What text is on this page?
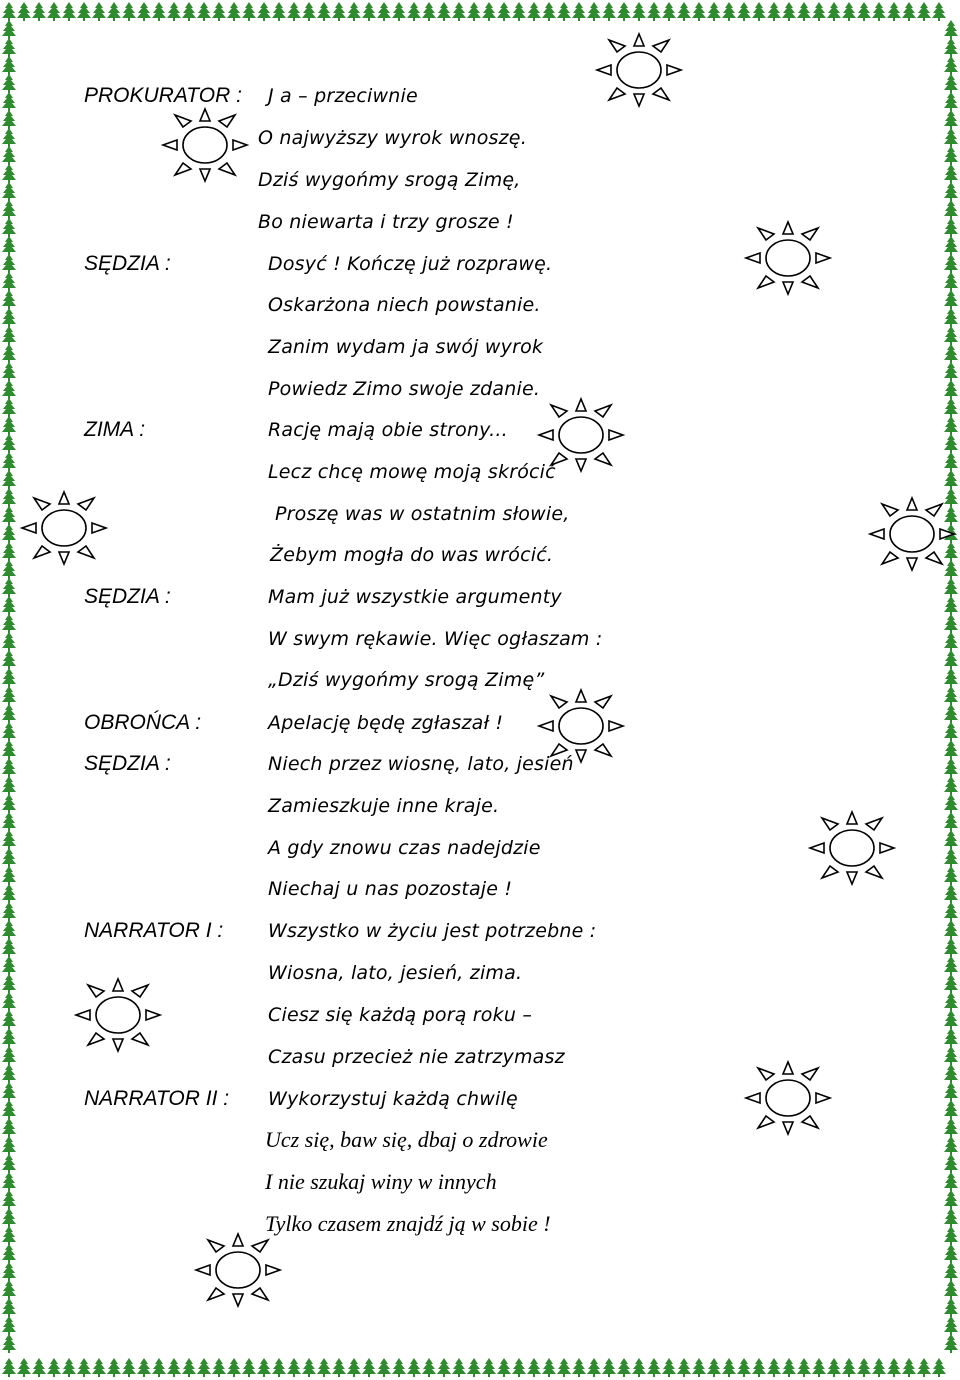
PROKURATOR :
SĘDZIA :
ZIMA :
SĘDZIA :
OBROŃCA :
SĘDZIA :
NARRATOR I :
NARRATOR II :
J a – przeciwnie
O najwyższy wyrok wnoszę.
Dziś wygońmy srogą Zimę,
Bo niewarta i trzy grosze !
Dosyć ! Kończę już rozprawę.
Oskarżona niech powstanie.
Zanim wydam ja swój wyrok
Powiedz Zimo swoje zdanie.
Rację mają obie strony...
Lecz chcę mowę moją skrócić
Proszę was w ostatnim słowie,
Żebym mogła do was wrócić.
Mam już wszystkie argumenty
W swym rękawie. Więc ogłaszam :
„Dziś wygońmy srogą Zimę”
Apelację będę zgłaszał !
Niech przez wiosnę, lato, jesień
Zamieszkuje inne kraje.
A gdy znowu czas nadejdzie
Niechaj u nas pozostaje !
Wszystko w życiu jest potrzebne :
Wiosna, lato, jesień, zima.
Ciesz się każdą porą roku –
Czasu przecież nie zatrzymasz
Wykorzystuj każdą chwilę
Ucz się, baw się, dbaj o zdrowie
I nie szukaj winy w innych
Tylko czasem znajdź ją w sobie !
